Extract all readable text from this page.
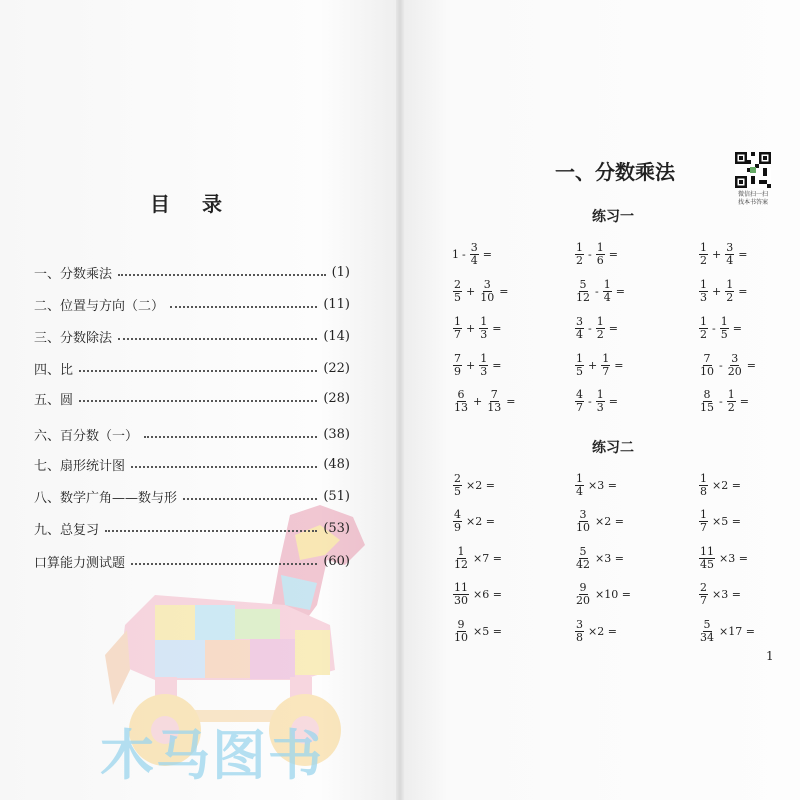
木马图书
目 录
一、分数乘法	(1)
二、位置与方向（二）	(11)
三、分数除法	(14)
四、比	(22)
五、圆	(28)
六、百分数（一）	(38)
七、扇形统计图	(48)
八、数学广角——数与形	(51)
九、总复习	(53)
口算能力测试题	(60)
一、分数乘法
微信扫一扫
找本书答案
练习一
练习二
$1 - \frac{3}{4}$ =	$\frac{1}{2} - \frac{1}{6}$ =	$\frac{1}{2} + \frac{3}{4}$ =
$\frac{2}{5} + \frac{3}{10}$ =	$\frac{5}{12} - \frac{1}{4}$ =	$\frac{1}{3} + \frac{1}{2}$ =
$\frac{1}{7} + \frac{1}{3}$ =	$\frac{3}{4} - \frac{1}{2}$ =	$\frac{1}{2} - \frac{1}{5}$ =
$\frac{7}{9} + \frac{1}{3}$ =	$\frac{1}{5} + \frac{1}{7}$ =	$\frac{7}{10} - \frac{3}{20}$ =
$\frac{6}{13} + \frac{7}{13}$ =	$\frac{4}{7} - \frac{1}{3}$ =	$\frac{8}{15} - \frac{1}{2}$ =
$\frac{2}{5} \times 2$ =	$\frac{1}{4} \times 3$ =	$\frac{1}{8} \times 2$ =
$\frac{4}{9} \times 2$ =	$\frac{3}{10} \times 2$ =	$\frac{1}{7} \times 5$ =
$\frac{1}{12} \times 7$ =	$\frac{5}{42} \times 3$ =	$\frac{11}{45} \times 3$ =
$\frac{11}{30} \times 6$ =	$\frac{9}{20} \times 10$ =	$\frac{2}{7} \times 3$ =
$\frac{9}{10} \times 5$ =	$\frac{3}{8} \times 2$ =	$\frac{5}{34} \times 17$ =
1
